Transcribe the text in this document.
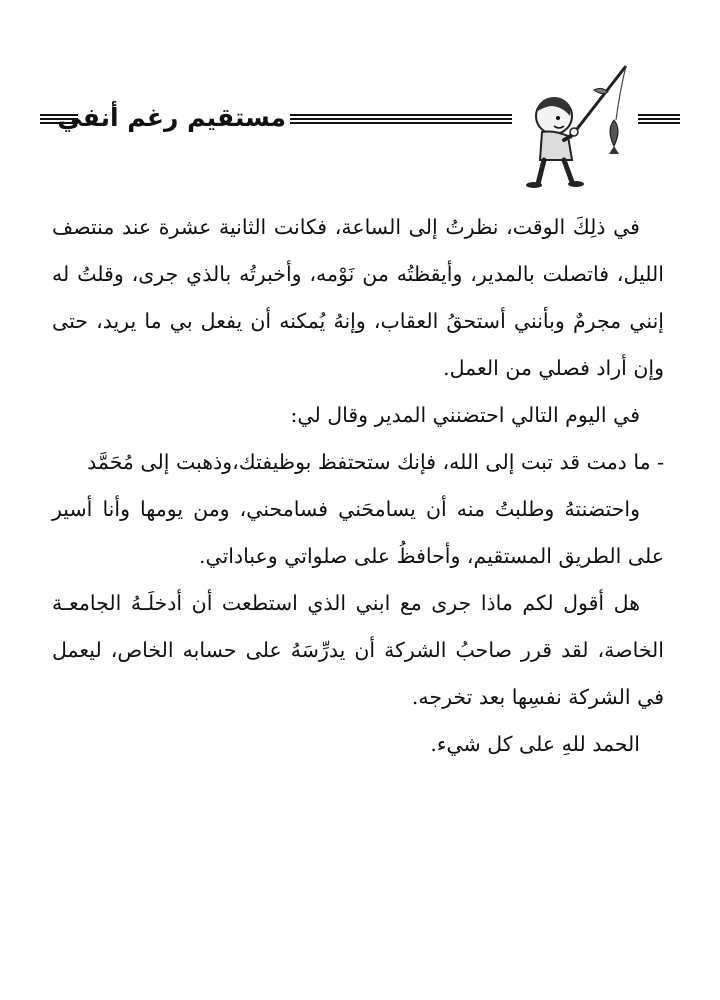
مستقيم رغم أنفي

في ذلِكَ الوقت، نظرتُ إلى الساعة، فكانت الثانية عشرة عند منتصف الليل، فاتصلت بالمدير، وأيقظتُه من نَوْمه، وأخبرتُه بالذي جرى، وقلتُ له إنني مجرمٌ وبأنني أستحقُ العقاب، وإنهُ يُمكنه أن يفعل بي ما يريد، حتى وإن أراد فصلي من العمل.

في اليوم التالي احتضنني المدير وقال لي:

- ما دمت قد تبت إلى الله، فإنك ستحتفظ بوظيفتك،وذهبت إلى مُحَمَّد

واحتضنتهُ وطلبتُ منه أن يسامحَني فسامحني، ومن يومها وأنا أسير على الطريق المستقيم، وأحافظُ على صلواتي وعباداتي.

هل أقول لكم ماذا جرى مع ابني الذي استطعت أن أدخلَـهُ الجامعـة الخاصة، لقد قرر صاحبُ الشركة أن يدرِّسَهُ على حسابه الخاص، ليعمل في الشركة نفسِها بعد تخرجه.

الحمد للهِ على كل شيء.
